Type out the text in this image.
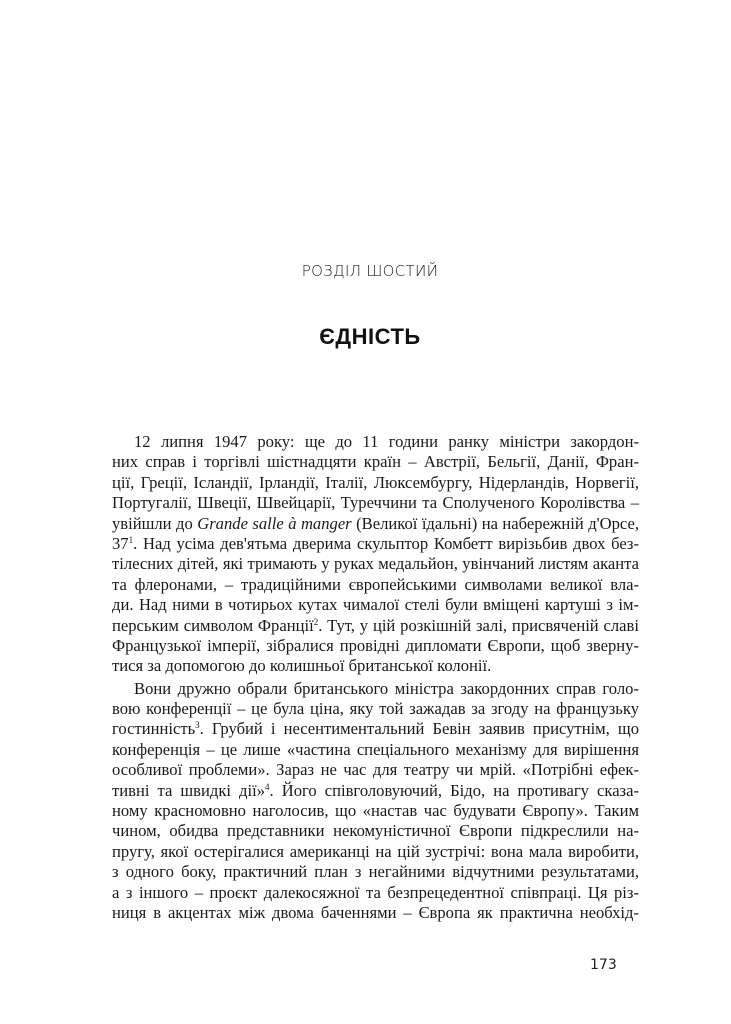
РОЗДІЛ ШОСТИЙ
ЄДНІСТЬ
12 липня 1947 року: ще до 11 години ранку міністри закордон-
них справ і торгівлі шістнадцяти країн – Австрії, Бельгії, Данії, Фран-
ції, Греції, Ісландії, Ірландії, Італії, Люксембургу, Нідерландів, Норвегії,
Португалії, Швеції, Швейцарії, Туреччини та Сполученого Королівства –
увійшли до Grande salle à manger (Великої їдальні) на набережній д'Орсе,
$37^1$. Над усіма дев'ятьма дверима скульптор Комбетт вирізьбив двох без-
тілесних дітей, які тримають у руках медальйон, увінчаний листям аканта
та флеронами, – традиційними європейськими символами великої вла-
ди. Над ними в чотирьох кутах чималої стелі були вміщені картуші з ім-
перським символом Франції$^2$. Тут, у цій розкішній залі, присвяченій славі
Французької імперії, зібралися провідні дипломати Європи, щоб зверну-
тися за допомогою до колишньої британської колонії.
Вони дружно обрали британського міністра закордонних справ голо-
вою конференції – це була ціна, яку той зажадав за згоду на французьку
гостинність$^3$. Грубий і несентиментальний Бевін заявив присутнім, що
конференція – це лише «частина спеціального механізму для вирішення
особливої проблеми». Зараз не час для театру чи мрій. «Потрібні ефек-
тивні та швидкі дії»$^4$. Його співголовуючий, Бідо, на противагу сказа-
ному красномовно наголосив, що «настав час будувати Європу». Таким
чином, обидва представники некомуністичної Європи підкреслили на-
пругу, якої остерігалися американці на цій зустрічі: вона мала виробити,
з одного боку, практичний план з негайними відчутними результатами,
а з іншого – проєкт далекосяжної та безпрецедентної співпраці. Ця різ-
ниця в акцентах між двома баченнями – Європа як практична необхід-
173
